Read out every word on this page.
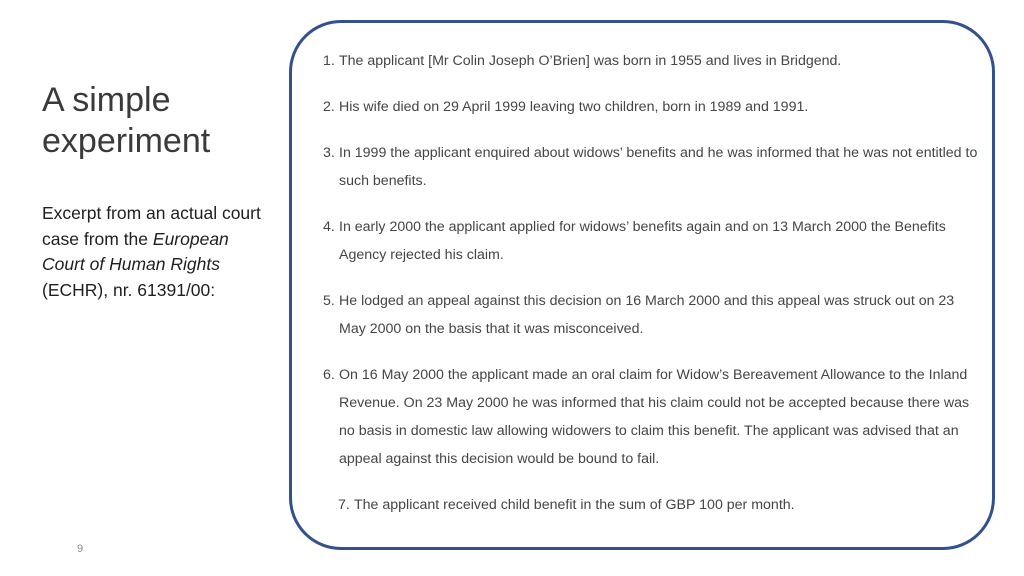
A simple
experiment
Excerpt from an actual court case from the European Court of Human Rights (ECHR), nr. 61391/00:
1. The applicant [Mr Colin Joseph O’Brien] was born in 1955 and lives in Bridgend.
2. His wife died on 29 April 1999 leaving two children, born in 1989 and 1991.
3. In 1999 the applicant enquired about widows’ benefits and he was informed that he was not entitled to such benefits.
4. In early 2000 the applicant applied for widows’ benefits again and on 13 March 2000 the Benefits Agency rejected his claim.
5. He lodged an appeal against this decision on 16 March 2000 and this appeal was struck out on 23 May 2000 on the basis that it was misconceived.
6. On 16 May 2000 the applicant made an oral claim for Widow’s Bereavement Allowance to the Inland Revenue. On 23 May 2000 he was informed that his claim could not be accepted because there was no basis in domestic law allowing widowers to claim this benefit. The applicant was advised that an appeal against this decision would be bound to fail.
7. The applicant received child benefit in the sum of GBP 100 per month.
9
